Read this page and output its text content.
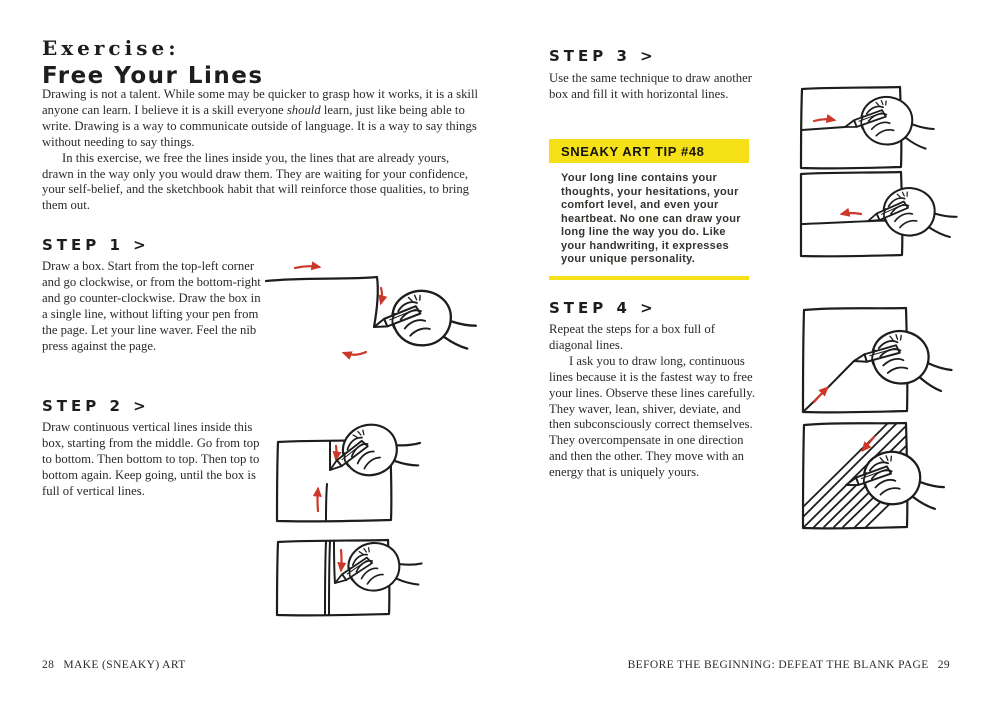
Exercise:
Free Your Lines

Drawing is not a talent. While some may be quicker to grasp how it works, it is a skill anyone can learn. I believe it is a skill everyone should learn, just like being able to write. Drawing is a way to communicate outside of language. It is a way to say things without needing to say things.

In this exercise, we free the lines inside you, the lines that are already yours, drawn in the way only you would draw them. They are waiting for your confidence, your self-belief, and the sketchbook habit that will reinforce those qualities, to bring them out.

STEP 1 >
Draw a box. Start from the top-left corner and go clockwise, or from the bottom-right and go counter-clockwise. Draw the box in a single line, without lifting your pen from the page. Let your line waver. Feel the nib press against the page.
STEP 2 >
Draw continuous vertical lines inside this box, starting from the middle. Go from top to bottom. Then bottom to top. Then top to bottom again. Keep going, until the box is full of vertical lines.
28 MAKE (SNEAKY) ART
STEP 3 >
Use the same technique to draw another box and fill it with horizontal lines.
SNEAKY ART TIP #48
Your long line contains your thoughts, your hesitations, your comfort level, and even your heartbeat. No one can draw your long line the way you do. Like your handwriting, it expresses your unique personality.
STEP 4 >

Repeat the steps for a box full of diagonal lines.

I ask you to draw long, continuous lines because it is the fastest way to free your lines. Observe these lines carefully. They waver, lean, shiver, deviate, and then subconsciously correct themselves. They overcompensate in one direction and then the other. They move with an energy that is uniquely yours.

BEFORE THE BEGINNING: DEFEAT THE BLANK PAGE 29
